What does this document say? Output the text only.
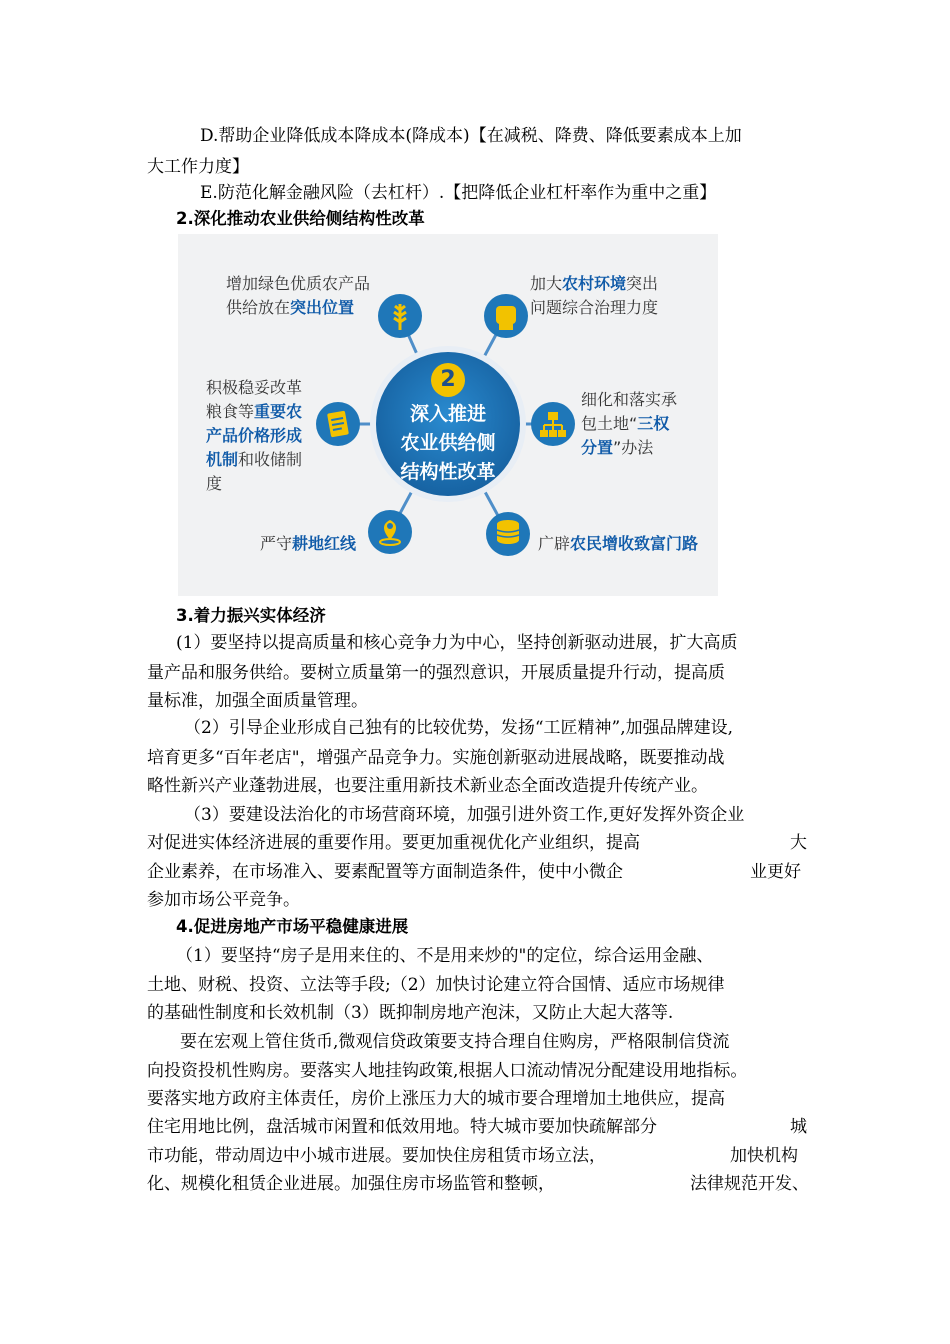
D.帮助企业降低成本降成本(降成本)【在减税、降费、降低要素成本上加
大工作力度】
E.防范化解金融风险（去杠杆）.【把降低企业杠杆率作为重中之重】
2.深化推动农业供给侧结构性改革
2
深入推进
农业供给侧
结构性改革
增加绿色优质农产品
供给放在突出位置
加大农村环境突出
问题综合治理力度
细化和落实承
包土地“三权
分置”办法
积极稳妥改革
粮食等重要农
产品价格形成
机制和收储制
度
严守耕地红线	广辟农民增收致富门路
3.着力振兴实体经济
(1）要坚持以提高质量和核心竞争力为中心，坚持创新驱动进展，扩大高质
量产品和服务供给。要树立质量第一的强烈意识，开展质量提升行动，提高质
量标准，加强全面质量管理。
（2）引导企业形成自己独有的比较优势，发扬“工匠精神”,加强品牌建设,
培育更多“百年老店"，增强产品竞争力。实施创新驱动进展战略，既要推动战
略性新兴产业蓬勃进展，也要注重用新技术新业态全面改造提升传统产业。
（3）要建设法治化的市场营商环境，加强引进外资工作,更好发挥外资企业
对促进实体经济进展的重要作用。要更加重视优化产业组织，提高	大
企业素养，在市场准入、要素配置等方面制造条件，使中小微企	业更好
参加市场公平竞争。
4.促进房地产市场平稳健康进展
（1）要坚持“房子是用来住的、不是用来炒的"的定位，综合运用金融、
土地、财税、投资、立法等手段;（2）加快讨论建立符合国情、适应市场规律
的基础性制度和长效机制（3）既抑制房地产泡沫，又防止大起大落等.
要在宏观上管住货币,微观信贷政策要支持合理自住购房，严格限制信贷流
向投资投机性购房。要落实人地挂钩政策,根据人口流动情况分配建设用地指标。
要落实地方政府主体责任，房价上涨压力大的城市要合理增加土地供应，提高
住宅用地比例，盘活城市闲置和低效用地。特大城市要加快疏解部分	城
市功能，带动周边中小城市进展。要加快住房租赁市场立法，	加快机构
化、规模化租赁企业进展。加强住房市场监管和整顿，	法律规范开发、
